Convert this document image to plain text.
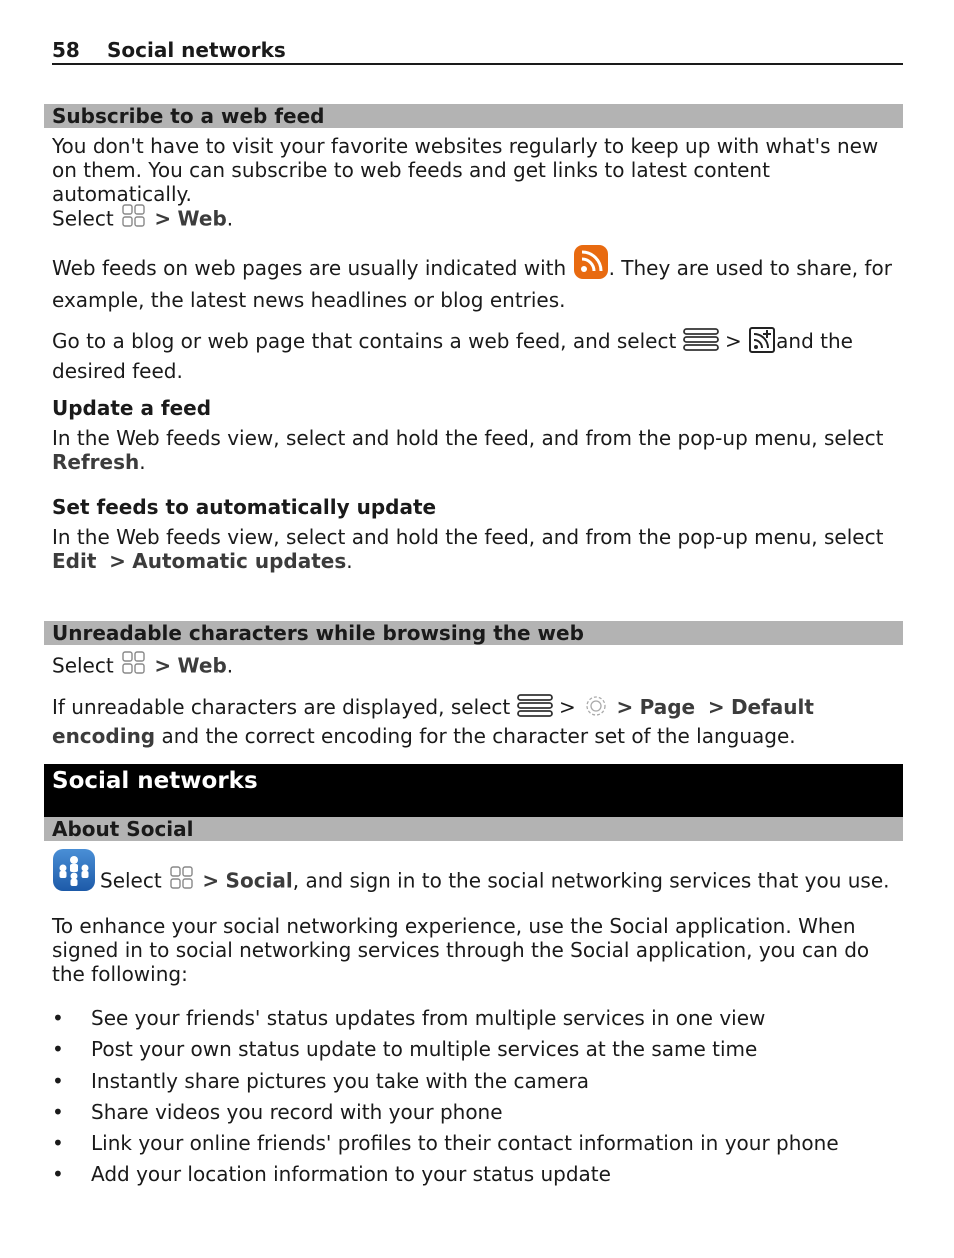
58 Social networks
Subscribe to a web feed

You don't have to visit your favorite websites regularly to keep up with what's new on them. You can subscribe to web feeds and get links to latest content automatically.

Select > Web.

Web feeds on web pages are usually indicated with . They are used to share, for example, the latest news headlines or blog entries.

Go to a blog or web page that contains a web feed, and select > and the desired feed.

Update a feed

In the Web feeds view, select and hold the feed, and from the pop-up menu, select Refresh.

Set feeds to automatically update

In the Web feeds view, select and hold the feed, and from the pop-up menu, select Edit > Automatic updates.

Unreadable characters while browsing the web
Select > Web.

If unreadable characters are displayed, select > > Page > Default encoding and the correct encoding for the character set of the language.

Social networks
About Social
Select > Social, and sign in to the social networking services that you use.

To enhance your social networking experience, use the Social application. When signed in to social networking services through the Social application, you can do the following:

• See your friends' status updates from multiple services in one view
• Post your own status update to multiple services at the same time
• Instantly share pictures you take with the camera
• Share videos you record with your phone
• Link your online friends' profiles to their contact information in your phone
• Add your location information to your status update
